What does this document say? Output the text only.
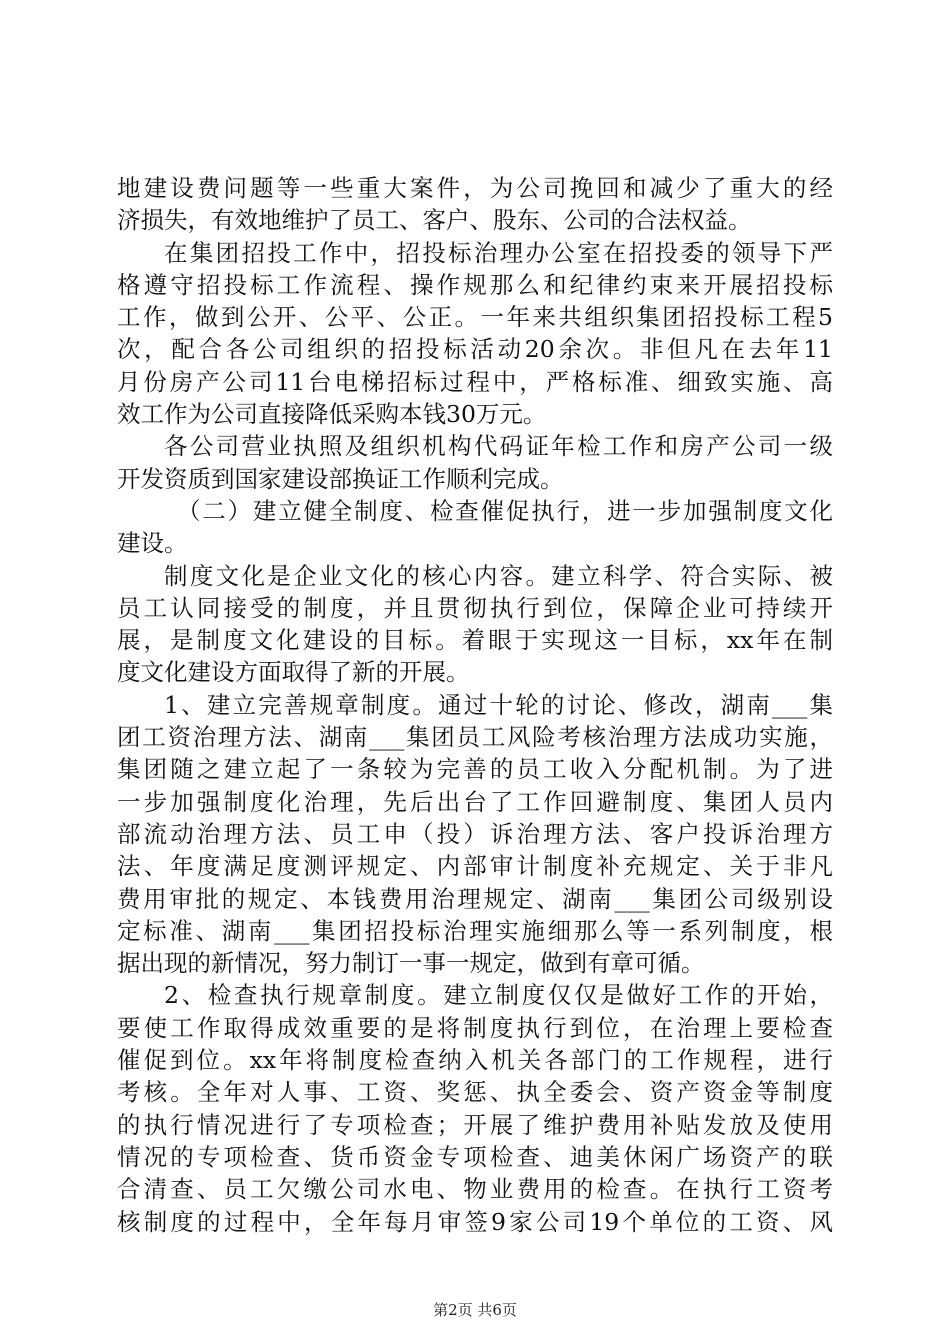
地建设费问题等一些重大案件，为公司挽回和减少了重大的经
济损失，有效地维护了员工、客户、股东、公司的合法权益。
在集团招投工作中，招投标治理办公室在招投委的领导下严
格遵守招投标工作流程、操作规那么和纪律约束来开展招投标
工作，做到公开、公平、公正。一年来共组织集团招投标工程5
次，配合各公司组织的招投标活动20余次。非但凡在去年11
月份房产公司11台电梯招标过程中，严格标准、细致实施、高
效工作为公司直接降低采购本钱30万元。
各公司营业执照及组织机构代码证年检工作和房产公司一级
开发资质到国家建设部换证工作顺利完成。
（二）建立健全制度、检查催促执行，进一步加强制度文化
建设。
制度文化是企业文化的核心内容。建立科学、符合实际、被
员工认同接受的制度，并且贯彻执行到位，保障企业可持续开
展，是制度文化建设的目标。着眼于实现这一目标，xx年在制
度文化建设方面取得了新的开展。
1、建立完善规章制度。通过十轮的讨论、修改，湖南___集
团工资治理方法、湖南___集团员工风险考核治理方法成功实施，
集团随之建立起了一条较为完善的员工收入分配机制。为了进
一步加强制度化治理，先后出台了工作回避制度、集团人员内
部流动治理方法、员工申（投）诉治理方法、客户投诉治理方
法、年度满足度测评规定、内部审计制度补充规定、关于非凡
费用审批的规定、本钱费用治理规定、湖南___集团公司级别设
定标准、湖南___集团招投标治理实施细那么等一系列制度，根
据出现的新情况，努力制订一事一规定，做到有章可循。
2、检查执行规章制度。建立制度仅仅是做好工作的开始，
要使工作取得成效重要的是将制度执行到位，在治理上要检查
催促到位。xx年将制度检查纳入机关各部门的工作规程，进行
考核。全年对人事、工资、奖惩、执全委会、资产资金等制度
的执行情况进行了专项检查；开展了维护费用补贴发放及使用
情况的专项检查、货币资金专项检查、迪美休闲广场资产的联
合清查、员工欠缴公司水电、物业费用的检查。在执行工资考
核制度的过程中，全年每月审签9家公司19个单位的工资、风
第2页 共6页
